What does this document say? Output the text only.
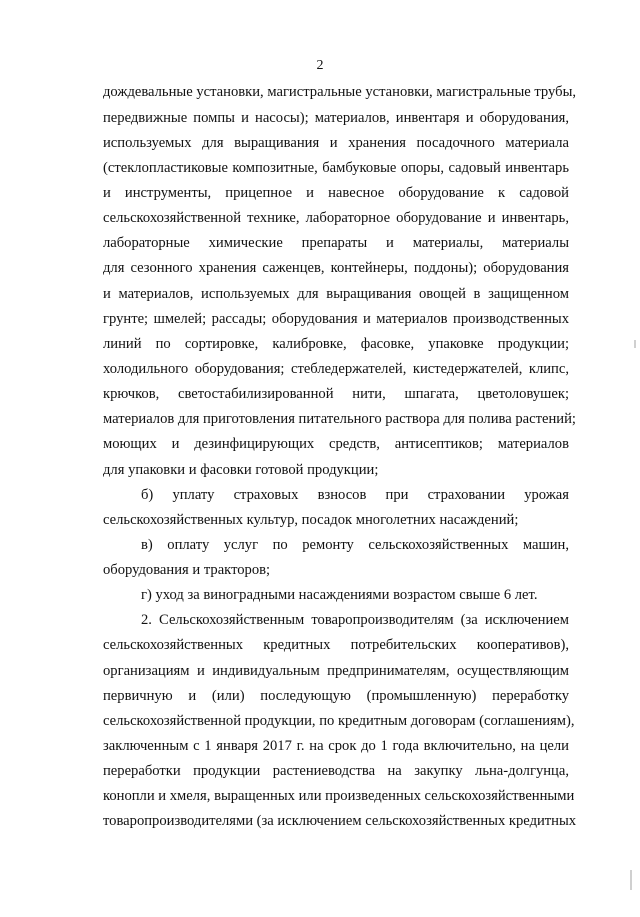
2
дождевальные установки, магистральные установки, магистральные трубы,
передвижные помпы и насосы); материалов, инвентаря и оборудования,
используемых для выращивания и хранения посадочного материала
(стеклопластиковые композитные, бамбуковые опоры, садовый инвентарь
и инструменты, прицепное и навесное оборудование к садовой
сельскохозяйственной технике, лабораторное оборудование и инвентарь,
лабораторные химические препараты и материалы, материалы
для сезонного хранения саженцев, контейнеры, поддоны); оборудования
и материалов, используемых для выращивания овощей в защищенном
грунте; шмелей; рассады; оборудования и материалов производственных
линий по сортировке, калибровке, фасовке, упаковке продукции;
холодильного оборудования; стебледержателей, кистедержателей, клипс,
крючков, светостабилизированной нити, шпагата, цветоловушек;
материалов для приготовления питательного раствора для полива растений;
моющих и дезинфицирующих средств, антисептиков; материалов
для упаковки и фасовки готовой продукции;
б) уплату страховых взносов при страховании урожая
сельскохозяйственных культур, посадок многолетних насаждений;
в) оплату услуг по ремонту сельскохозяйственных машин,
оборудования и тракторов;
г) уход за виноградными насаждениями возрастом свыше 6 лет.
2. Сельскохозяйственным товаропроизводителям (за исключением
сельскохозяйственных кредитных потребительских кооперативов),
организациям и индивидуальным предпринимателям, осуществляющим
первичную и (или) последующую (промышленную) переработку
сельскохозяйственной продукции, по кредитным договорам (соглашениям),
заключенным с 1 января 2017 г. на срок до 1 года включительно, на цели
переработки продукции растениеводства на закупку льна-долгунца,
конопли и хмеля, выращенных или произведенных сельскохозяйственными
товаропроизводителями (за исключением сельскохозяйственных кредитных
